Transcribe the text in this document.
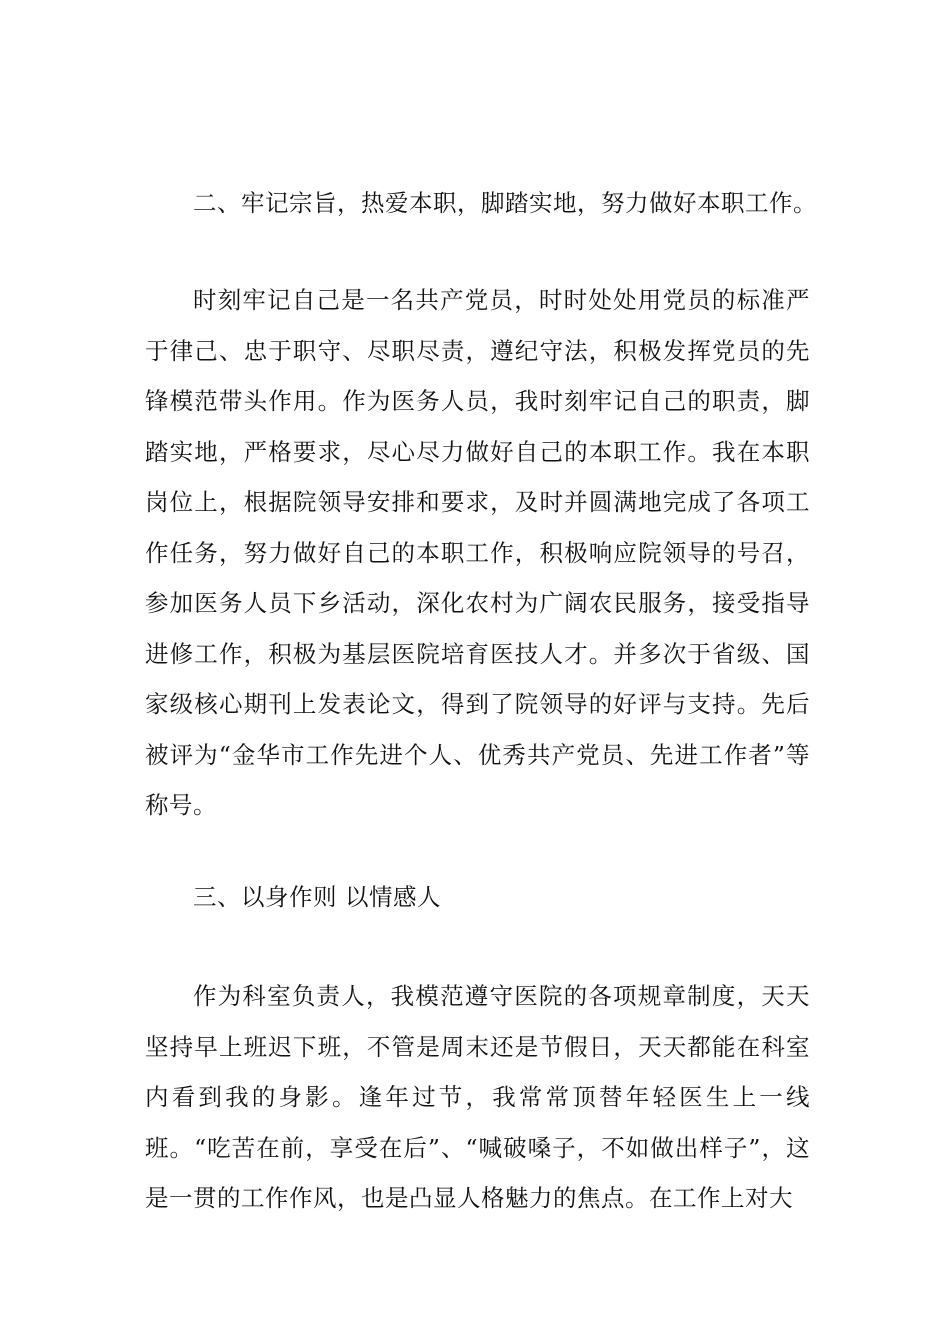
二、牢记宗旨，热爱本职，脚踏实地，努力做好本职工作。

时刻牢记自己是一名共产党员，时时处处用党员的标准严于律己、忠于职守、尽职尽责，遵纪守法，积极发挥党员的先锋模范带头作用。作为医务人员，我时刻牢记自己的职责，脚踏实地，严格要求，尽心尽力做好自己的本职工作。我在本职岗位上，根据院领导安排和要求，及时并圆满地完成了各项工作任务，努力做好自己的本职工作，积极响应院领导的号召，参加医务人员下乡活动，深化农村为广阔农民服务，接受指导进修工作，积极为基层医院培育医技人才。并多次于省级、国家级核心期刊上发表论文，得到了院领导的好评与支持。先后被评为“金华市工作先进个人、优秀共产党员、先进工作者”等称号。

三、以身作则 以情感人

作为科室负责人，我模范遵守医院的各项规章制度，天天坚持早上班迟下班，不管是周末还是节假日，天天都能在科室内看到我的身影。逢年过节，我常常顶替年轻医生上一线班。“吃苦在前，享受在后”、“喊破嗓子，不如做出样子”，这是一贯的工作作风，也是凸显人格魅力的焦点。在工作上对大
